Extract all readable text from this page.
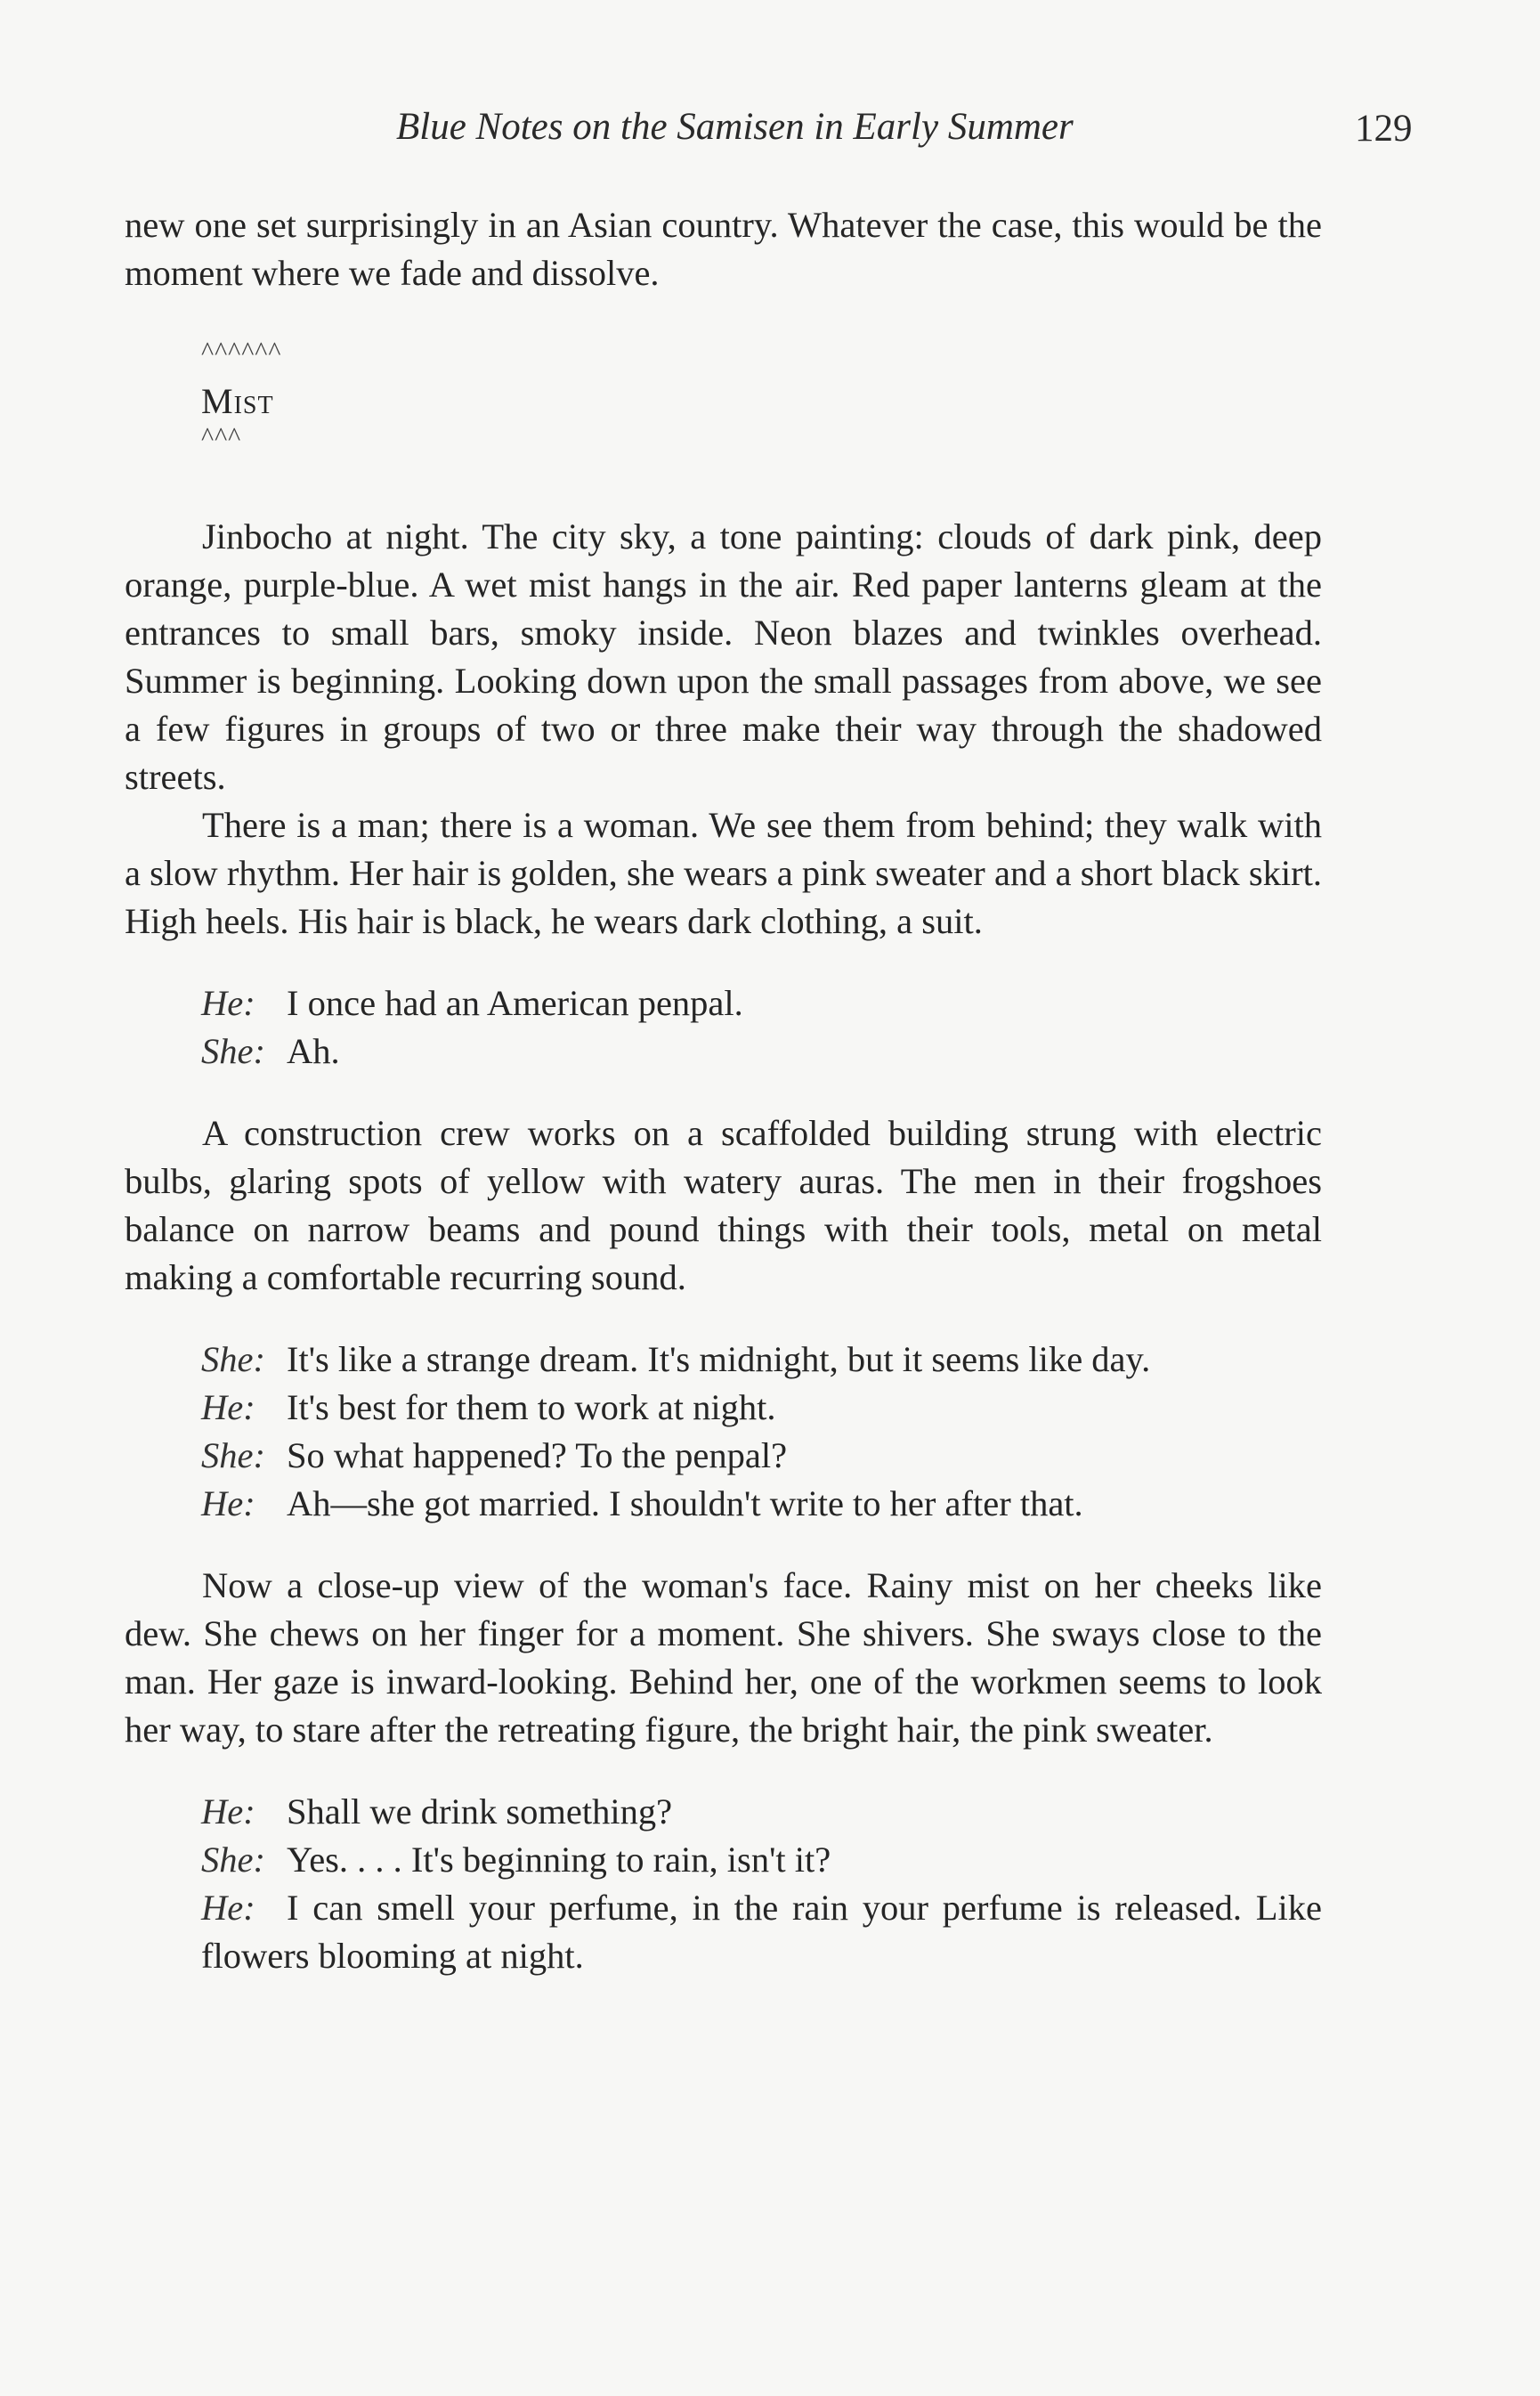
Blue Notes on the Samisen in Early Summer	129

new one set surprisingly in an Asian country. Whatever the case, this would be the moment where we fade and dissolve.

^^^^^^
Mist
^^^

Jinbocho at night. The city sky, a tone painting: clouds of dark pink, deep orange, purple-blue. A wet mist hangs in the air. Red paper lanterns gleam at the entrances to small bars, smoky inside. Neon blazes and twinkles overhead. Summer is beginning. Looking down upon the small passages from above, we see a few figures in groups of two or three make their way through the shadowed streets.

There is a man; there is a woman. We see them from behind; they walk with a slow rhythm. Her hair is golden, she wears a pink sweater and a short black skirt. High heels. His hair is black, he wears dark clothing, a suit.

He: I once had an American penpal.

She: Ah.

A construction crew works on a scaffolded building strung with electric bulbs, glaring spots of yellow with watery auras. The men in their frogshoes balance on narrow beams and pound things with their tools, metal on metal making a comfortable recurring sound.

She: It's like a strange dream. It's midnight, but it seems like day.

He: It's best for them to work at night.

She: So what happened? To the penpal?

He: Ah—she got married. I shouldn't write to her after that.

Now a close-up view of the woman's face. Rainy mist on her cheeks like dew. She chews on her finger for a moment. She shivers. She sways close to the man. Her gaze is inward-looking. Behind her, one of the workmen seems to look her way, to stare after the retreating figure, the bright hair, the pink sweater.

He: Shall we drink something?

She: Yes. . . . It's beginning to rain, isn't it?

He: I can smell your perfume, in the rain your perfume is released. Like flowers blooming at night.
